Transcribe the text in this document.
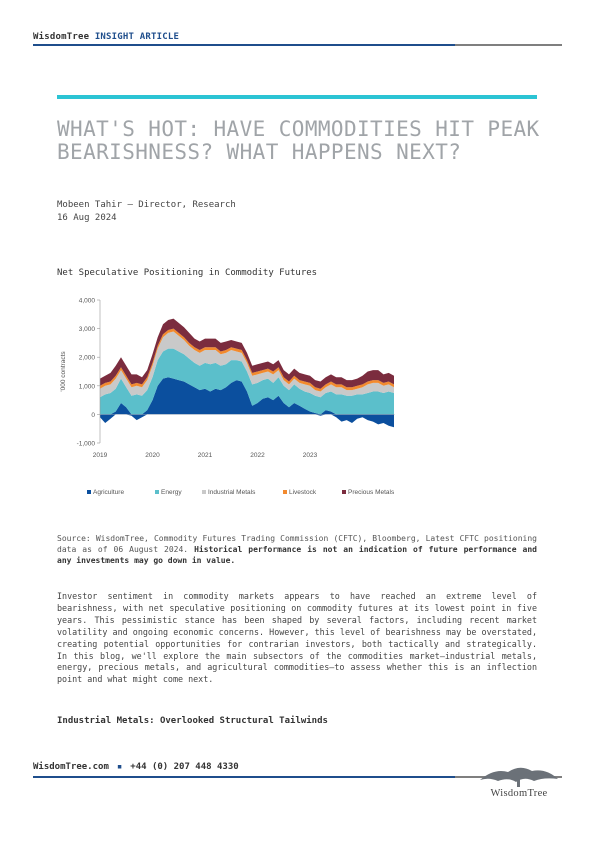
WisdomTree INSIGHT ARTICLE
WHAT'S HOT: HAVE COMMODITIES HIT PEAK BEARISHNESS? WHAT HAPPENS NEXT?
Mobeen Tahir – Director, Research
16 Aug 2024
Net Speculative Positioning in Commodity Futures
-1,000
0
1,000
2,000
3,000
4,000
'000 contracts
2019	2020	2021	2022	2023
Agriculture	Energy	Industrial Metals	Livestock	Precious Metals
Source: WisdomTree, Commodity Futures Trading Commission (CFTC), Bloomberg, Latest CFTC positioning data as of 06 August 2024. Historical performance is not an indication of future performance and any investments may go down in value.
Investor sentiment in commodity markets appears to have reached an extreme level of bearishness, with net speculative positioning on commodity futures at its lowest point in five years. This pessimistic stance has been shaped by several factors, including recent market volatility and ongoing economic concerns. However, this level of bearishness may be overstated, creating potential opportunities for contrarian investors, both tactically and strategically. In this blog, we'll explore the main subsectors of the commodities market—industrial metals, energy, precious metals, and agricultural commodities—to assess whether this is an inflection point and what might come next.
Industrial Metals: Overlooked Structural Tailwinds
WisdomTree.com ▪ +44 (0) 207 448 4330
WisdomTree
